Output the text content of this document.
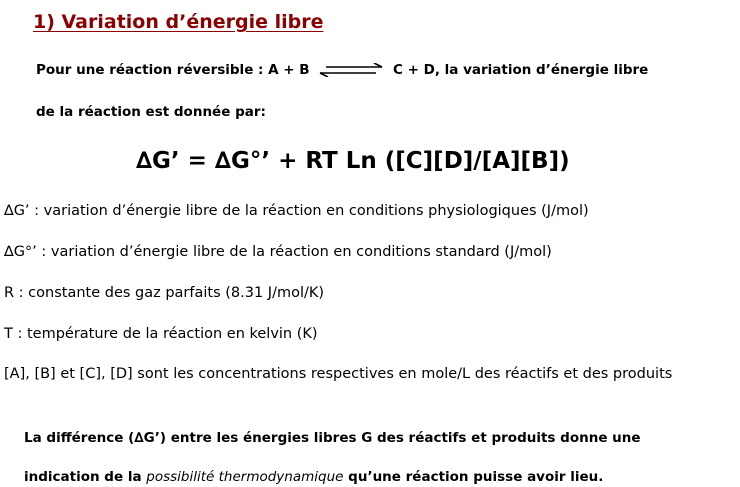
1) Variation d’énergie libre
Pour une réaction réversible : A + B	C + D, la variation d’énergie libre
de la réaction est donnée par:
∆G’ = ∆G°’ + RT Ln ([C][D]/[A][B])
∆G’ : variation d’énergie libre de la réaction en conditions physiologiques (J/mol)
∆G°’ : variation d’énergie libre de la réaction en conditions standard (J/mol)
R : constante des gaz parfaits (8.31 J/mol/K)
T : température de la réaction en kelvin (K)
[A], [B] et [C], [D] sont les concentrations respectives en mole/L des réactifs et des produits
La différence (∆G’) entre les énergies libres G des réactifs et produits donne une
indication de la possibilité thermodynamique qu’une réaction puisse avoir lieu.
